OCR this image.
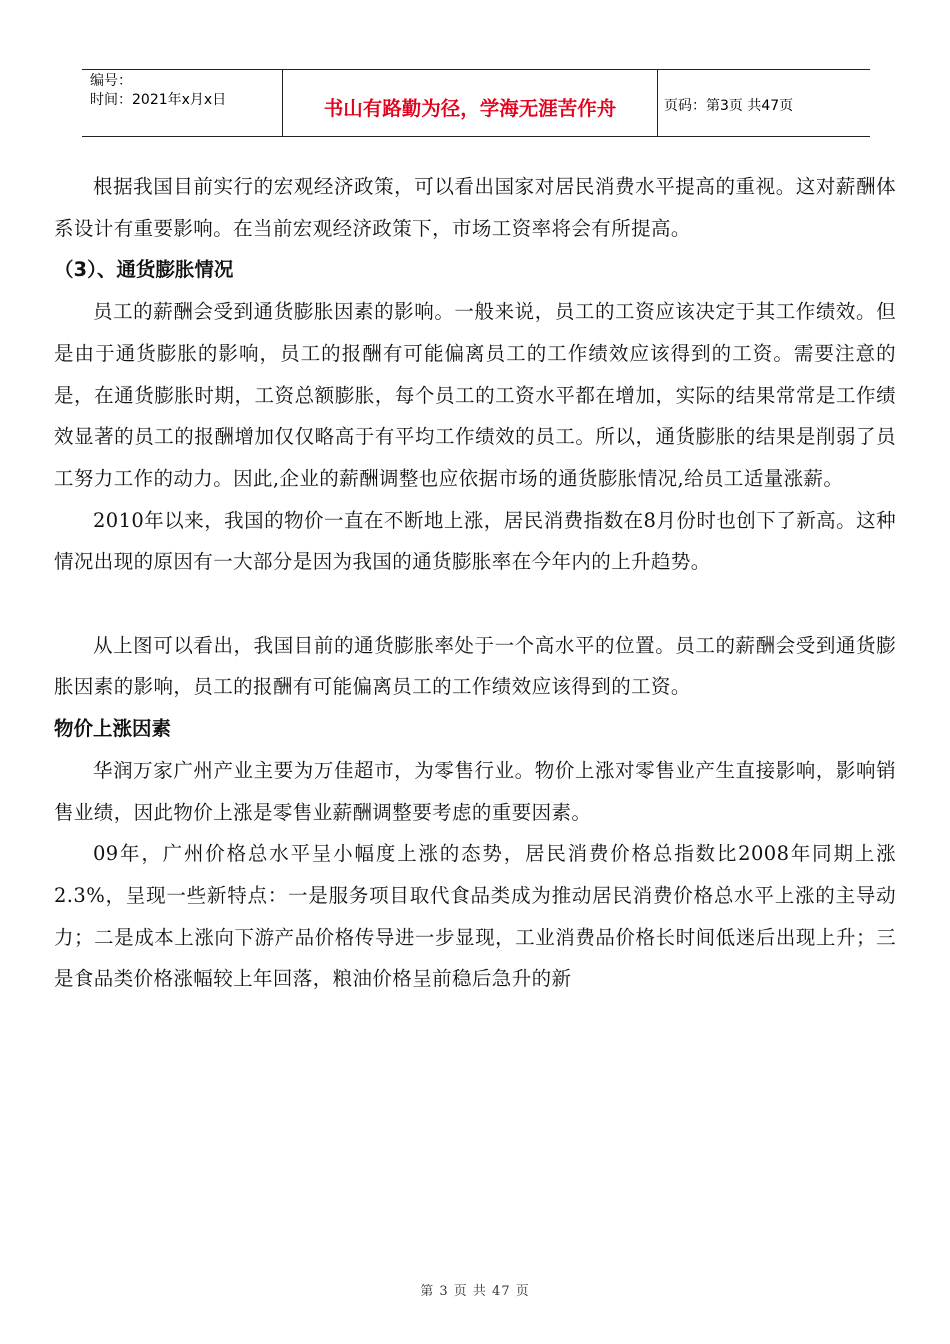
编号：
时间：2021年x月x日	书山有路勤为径，学海无涯苦作舟	页码：第3页 共47页

根据我国目前实行的宏观经济政策，可以看出国家对居民消费水平提高的重视。这对薪酬体系设计有重要影响。在当前宏观经济政策下，市场工资率将会有所提高。

（3）、通货膨胀情况

员工的薪酬会受到通货膨胀因素的影响。一般来说，员工的工资应该决定于其工作绩效。但是由于通货膨胀的影响，员工的报酬有可能偏离员工的工作绩效应该得到的工资。需要注意的是，在通货膨胀时期，工资总额膨胀，每个员工的工资水平都在增加，实际的结果常常是工作绩效显著的员工的报酬增加仅仅略高于有平均工作绩效的员工。所以，通货膨胀的结果是削弱了员工努力工作的动力。因此,企业的薪酬调整也应依据市场的通货膨胀情况,给员工适量涨薪。

2010年以来，我国的物价一直在不断地上涨，居民消费指数在8月份时也创下了新高。这种情况出现的原因有一大部分是因为我国的通货膨胀率在今年内的上升趋势。

从上图可以看出，我国目前的通货膨胀率处于一个高水平的位置。员工的薪酬会受到通货膨胀因素的影响，员工的报酬有可能偏离员工的工作绩效应该得到的工资。

物价上涨因素

华润万家广州产业主要为万佳超市，为零售行业。物价上涨对零售业产生直接影响，影响销售业绩，因此物价上涨是零售业薪酬调整要考虑的重要因素。

09年，广州价格总水平呈小幅度上涨的态势，居民消费价格总指数比2008年同期上涨2.3%，呈现一些新特点：一是服务项目取代食品类成为推动居民消费价格总水平上涨的主导动力；二是成本上涨向下游产品价格传导进一步显现，工业消费品价格长时间低迷后出现上升；三是食品类价格涨幅较上年回落，粮油价格呈前稳后急升的新

第 3 页 共 47 页
